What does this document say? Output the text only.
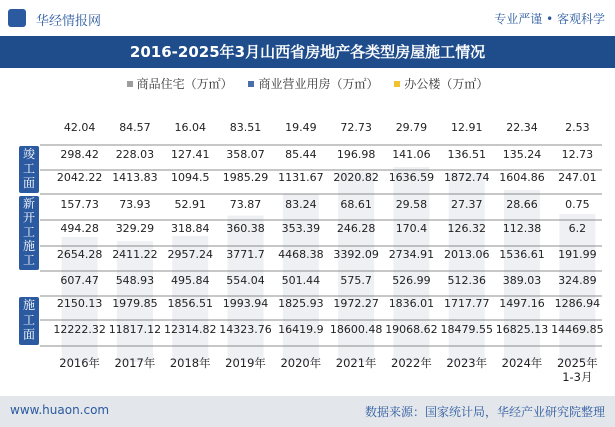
华经情报网	专业严谨 • 客观科学
2016-2025年3月山西省房地产各类型房屋施工情况
商品住宅（万㎡）
商业营业用房（万㎡）
办公楼（万㎡）
竣
工
面
新
开
工
施
工
施
工
面
42.04 84.57 16.04 83.51 19.49 72.73 29.79 12.91 22.34 2.53
298.42 228.03 127.41 358.07 85.44 196.98 141.06 136.51 135.24 12.73
2042.22 1413.83 1094.5 1985.29 1131.67 2020.82 1636.59 1872.74 1604.86 247.01
157.73 73.93 52.91 73.87 83.24 68.61 29.58 27.37 28.66 0.75
494.28 329.29 318.84 360.38 353.39 246.28 170.4 126.32 112.38 6.2
2654.28 2411.22 2957.24 3771.7 4468.38 3392.09 2734.91 2013.06 1536.61 191.99
607.47 548.93 495.84 554.04 501.44 575.7 526.99 512.36 389.03 324.89
2150.13 1979.85 1856.51 1993.94 1825.93 1972.27 1836.01 1717.77 1497.16 1286.94
12222.32 11817.12 12314.82 14323.76 16419.9 18600.48 19068.62 18479.55 16825.13 14469.85
2016年 2017年 2018年 2019年 2020年 2021年 2022年 2023年 2024年 2025年
1-3月
www.huaon.com	数据来源：国家统计局，华经产业研究院整理
